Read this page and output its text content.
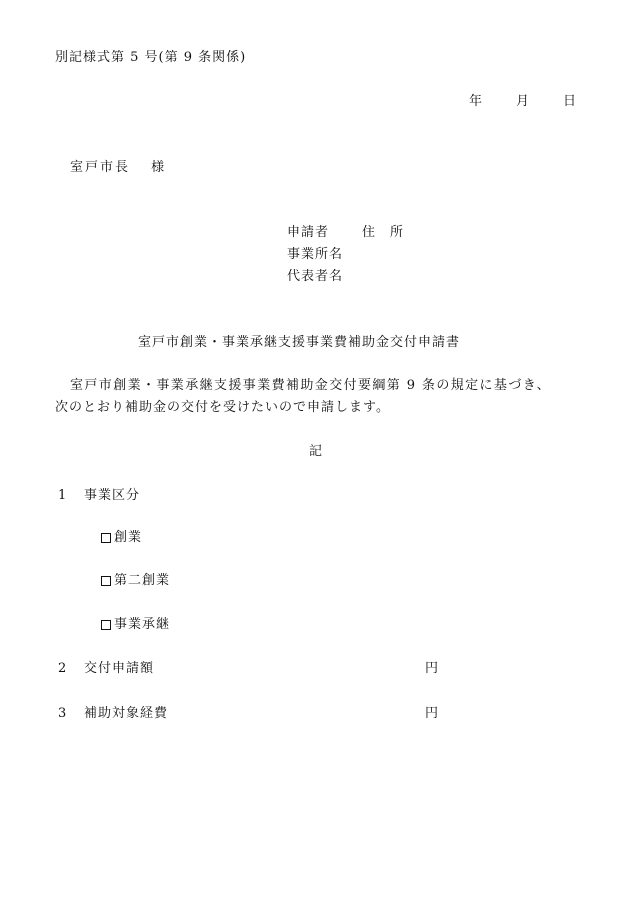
別記様式第 5 号(第 9 条関係)
年	月	日
室戸市長　 様
申請者	住　所
事業所名
代表者名
室戸市創業・事業承継支援事業費補助金交付申請書
室戸市創業・事業承継支援事業費補助金交付要綱第 9 条の規定に基づき、
次のとおり補助金の交付を受けたいので申請します。
記
1 事業区分
創業
第二創業
事業承継
2 交付申請額	円
3 補助対象経費	円
